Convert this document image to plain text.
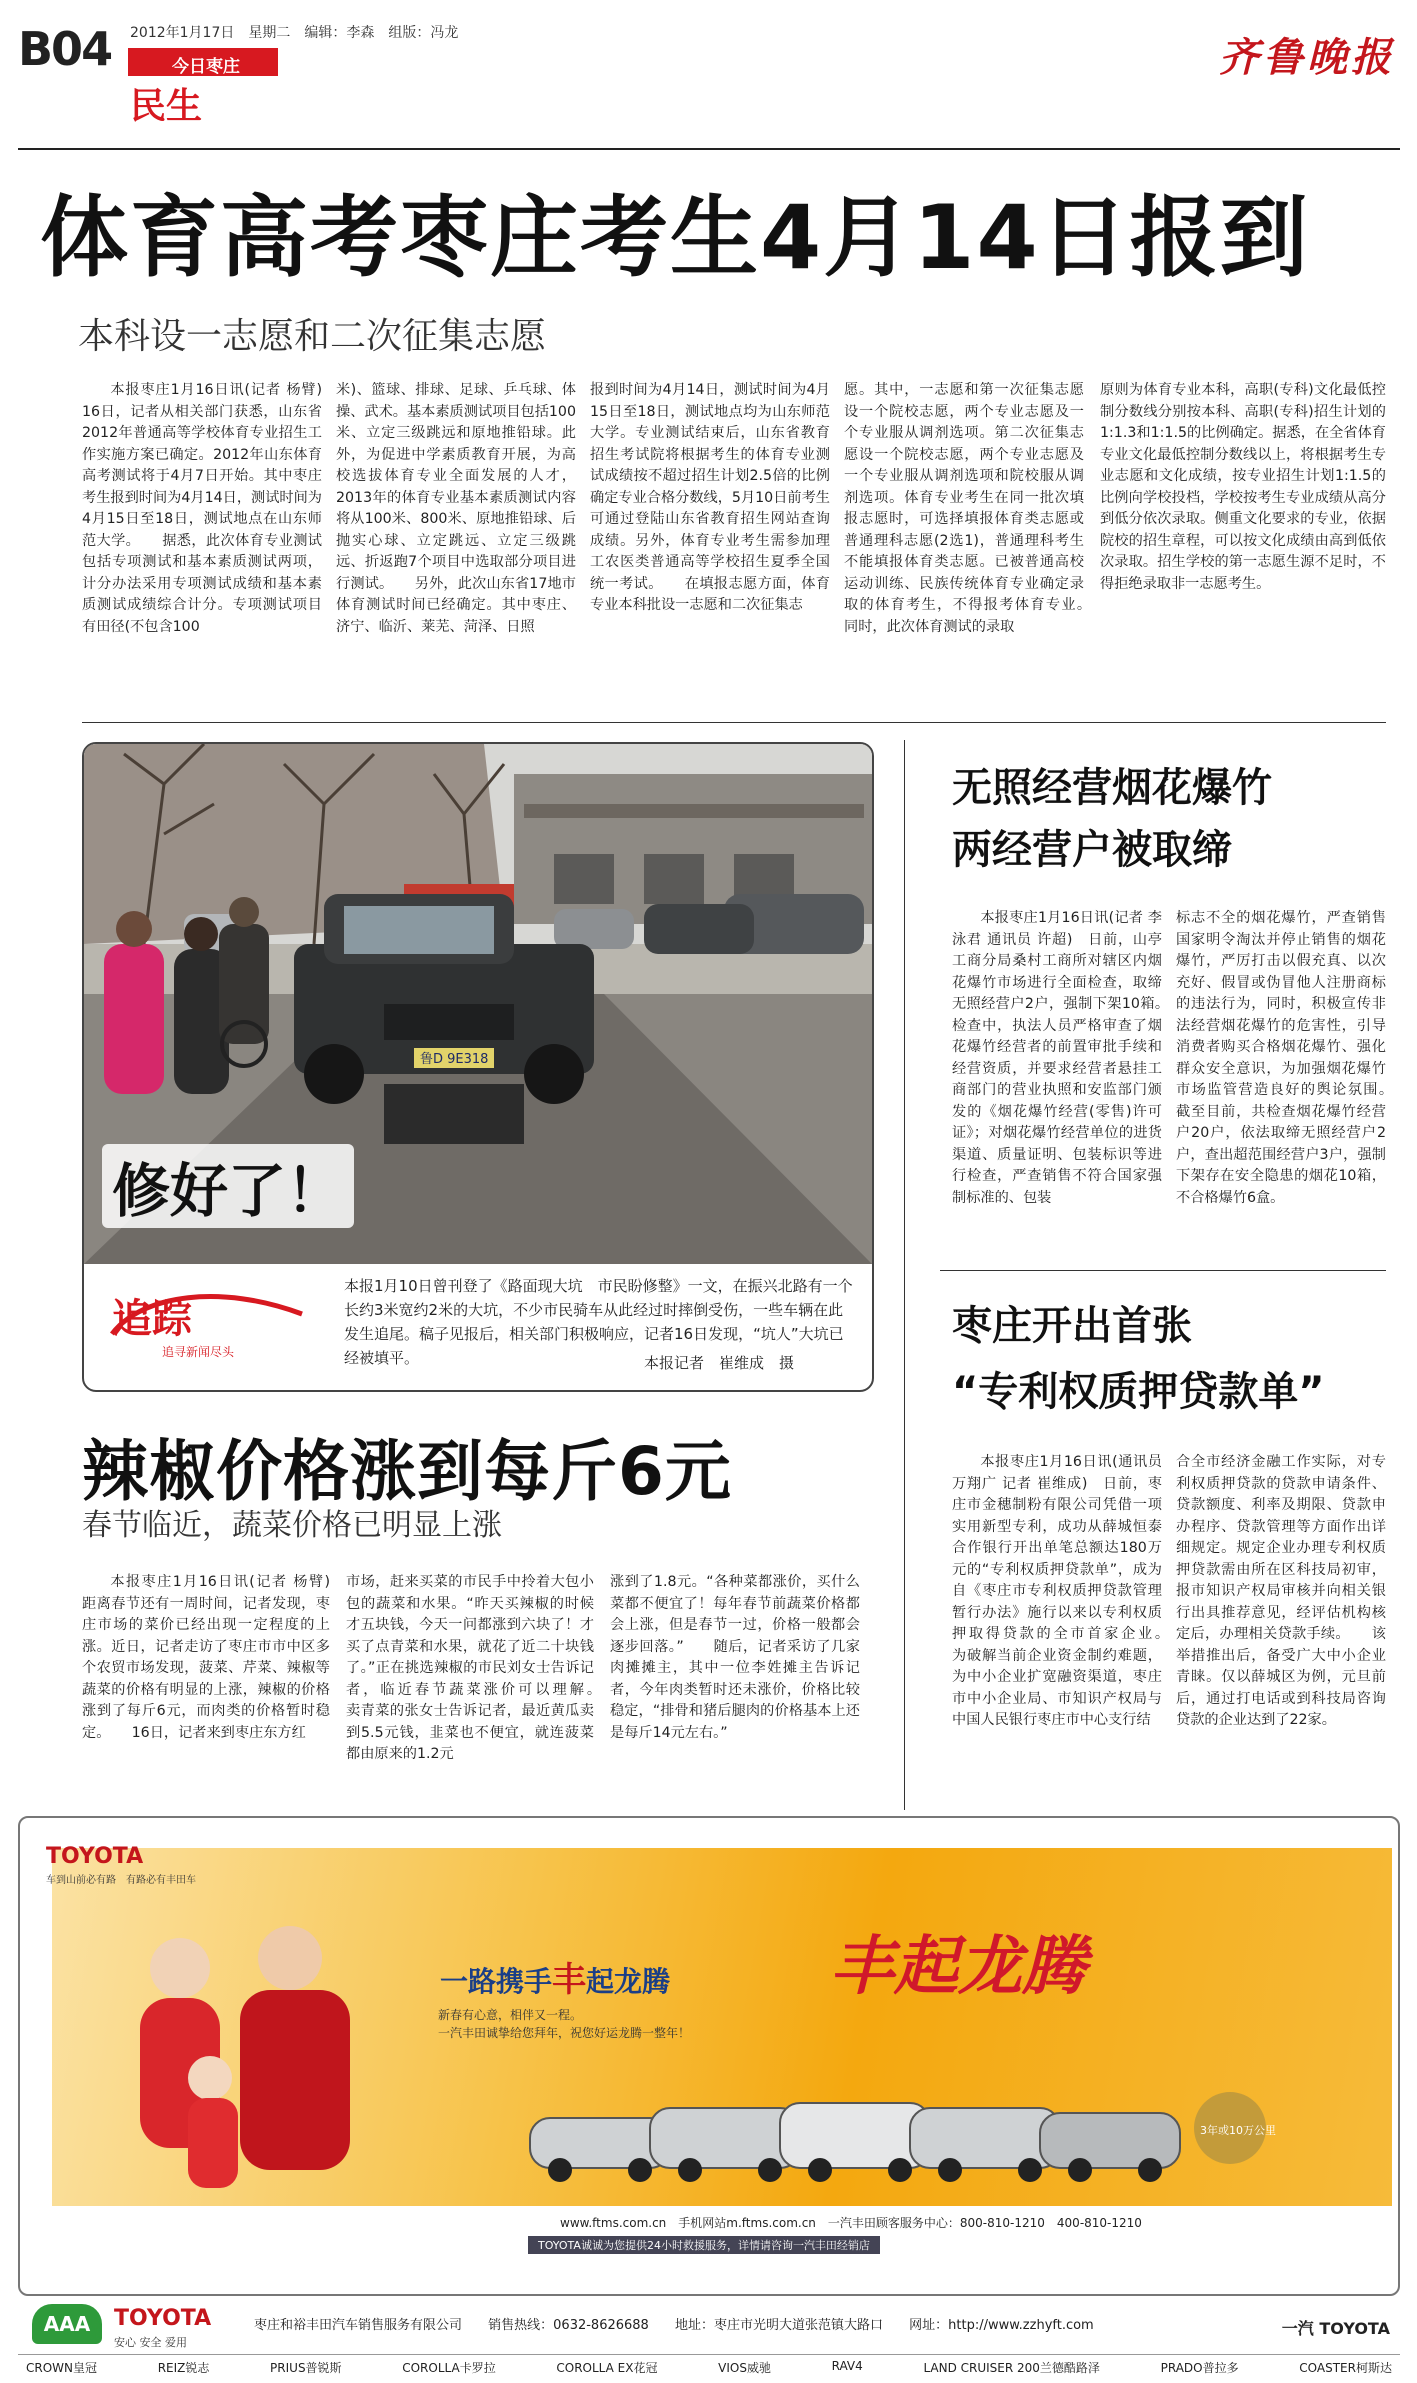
B04 2012年1月17日　星期二　编辑：李森　组版：冯龙
今日枣庄
民生
齐鲁晚报
体育高考枣庄考生4月14日报到
本科设一志愿和二次征集志愿

本报枣庄1月16日讯(记者 杨臂)　16日，记者从相关部门获悉，山东省2012年普通高等学校体育专业招生工作实施方案已确定。2012年山东体育高考测试将于4月7日开始。其中枣庄考生报到时间为4月14日，测试时间为4月15日至18日，测试地点在山东师范大学。　　据悉，此次体育专业测试包括专项测试和基本素质测试两项，计分办法采用专项测试成绩和基本素质测试成绩综合计分。专项测试项目有田径(不包含100

米)、篮球、排球、足球、乒乓球、体操、武术。基本素质测试项目包括100米、立定三级跳远和原地推铅球。此外，为促进中学素质教育开展，为高校选拔体育专业全面发展的人才，2013年的体育专业基本素质测试内容将从100米、800米、原地推铅球、后抛实心球、立定跳远、立定三级跳远、折返跑7个项目中选取部分项目进行测试。　　另外，此次山东省17地市体育测试时间已经确定。其中枣庄、济宁、临沂、莱芜、菏泽、日照

报到时间为4月14日，测试时间为4月15日至18日，测试地点均为山东师范大学。专业测试结束后，山东省教育招生考试院将根据考生的体育专业测试成绩按不超过招生计划2.5倍的比例确定专业合格分数线，5月10日前考生可通过登陆山东省教育招生网站查询成绩。另外，体育专业考生需参加理工农医类普通高等学校招生夏季全国统一考试。　　在填报志愿方面，体育专业本科批设一志愿和二次征集志

愿。其中，一志愿和第一次征集志愿设一个院校志愿，两个专业志愿及一个专业服从调剂选项。第二次征集志愿设一个院校志愿，两个专业志愿及一个专业服从调剂选项和院校服从调剂选项。体育专业考生在同一批次填报志愿时，可选择填报体育类志愿或普通理科志愿(2选1)，普通理科考生不能填报体育类志愿。已被普通高校运动训练、民族传统体育专业确定录取的体育考生，不得报考体育专业。　　同时，此次体育测试的录取

原则为体育专业本科，高职(专科)文化最低控制分数线分别按本科、高职(专科)招生计划的1:1.3和1:1.5的比例确定。据悉，在全省体育专业文化最低控制分数线以上，将根据考生专业志愿和文化成绩，按专业招生计划1:1.5的比例向学校投档，学校按考生专业成绩从高分到低分依次录取。侧重文化要求的专业，依据院校的招生章程，可以按文化成绩由高到低依次录取。招生学校的第一志愿生源不足时，不得拒绝录取非一志愿考生。

鲁D 9E318
修好了！
追踪
追寻新闻尽头
本报1月10日曾刊登了《路面现大坑　市民盼修整》一文，在振兴北路有一个长约3米宽约2米的大坑，不少市民骑车从此经过时摔倒受伤，一些车辆在此发生追尾。稿子见报后，相关部门积极响应，记者16日发现，“坑人”大坑已经被填平。	本报记者　崔维成　摄
无照经营烟花爆竹
两经营户被取缔

本报枣庄1月16日讯(记者 李泳君 通讯员 许超)　日前，山亭工商分局桑村工商所对辖区内烟花爆竹市场进行全面检查，取缔无照经营户2户，强制下架10箱。　　检查中，执法人员严格审查了烟花爆竹经营者的前置审批手续和经营资质，并要求经营者悬挂工商部门的营业执照和安监部门颁发的《烟花爆竹经营(零售)许可证》；对烟花爆竹经营单位的进货渠道、质量证明、包装标识等进行检查，严查销售不符合国家强制标准的、包装

标志不全的烟花爆竹，严查销售国家明令淘汰并停止销售的烟花爆竹，严厉打击以假充真、以次充好、假冒或伪冒他人注册商标的违法行为，同时，积极宣传非法经营烟花爆竹的危害性，引导消费者购买合格烟花爆竹、强化群众安全意识，为加强烟花爆竹市场监管营造良好的舆论氛围。　　截至目前，共检查烟花爆竹经营户20户，依法取缔无照经营户2户，查出超范围经营户3户，强制下架存在安全隐患的烟花10箱，不合格爆竹6盒。

枣庄开出首张
“专利权质押贷款单”

本报枣庄1月16日讯(通讯员 万翔广 记者 崔维成)　日前，枣庄市金穗制粉有限公司凭借一项实用新型专利，成功从薛城恒泰合作银行开出单笔总额达180万元的“专利权质押贷款单”，成为自《枣庄市专利权质押贷款管理暂行办法》施行以来以专利权质押取得贷款的全市首家企业。　　为破解当前企业资金制约难题，为中小企业扩宽融资渠道，枣庄市中小企业局、市知识产权局与中国人民银行枣庄市中心支行结

合全市经济金融工作实际，对专利权质押贷款的贷款申请条件、贷款额度、利率及期限、贷款申办程序、贷款管理等方面作出详细规定。规定企业办理专利权质押贷款需由所在区科技局初审，报市知识产权局审核并向相关银行出具推荐意见，经评估机构核定后，办理相关贷款手续。　　该举措推出后，备受广大中小企业青睐。仅以薛城区为例，元旦前后，通过打电话或到科技局咨询贷款的企业达到了22家。

辣椒价格涨到每斤6元
春节临近，蔬菜价格已明显上涨

本报枣庄1月16日讯(记者 杨臂)　距离春节还有一周时间，记者发现，枣庄市场的菜价已经出现一定程度的上涨。近日，记者走访了枣庄市市中区多个农贸市场发现，菠菜、芹菜、辣椒等蔬菜的价格有明显的上涨，辣椒的价格涨到了每斤6元，而肉类的价格暂时稳定。　　16日，记者来到枣庄东方红

市场，赶来买菜的市民手中拎着大包小包的蔬菜和水果。“昨天买辣椒的时候才五块钱，今天一问都涨到六块了！才买了点青菜和水果，就花了近二十块钱了。”正在挑选辣椒的市民刘女士告诉记者，临近春节蔬菜涨价可以理解。　　卖青菜的张女士告诉记者，最近黄瓜卖到5.5元钱，韭菜也不便宜，就连菠菜都由原来的1.2元

涨到了1.8元。“各种菜都涨价，买什么菜都不便宜了！每年春节前蔬菜价格都会上涨，但是春节一过，价格一般都会逐步回落。”　　随后，记者采访了几家肉摊摊主，其中一位李姓摊主告诉记者，今年肉类暂时还未涨价，价格比较稳定，“排骨和猪后腿肉的价格基本上还是每斤14元左右。”

TOYOTA
车到山前必有路　有路必有丰田车
一路携手丰起龙腾
新春有心意，相伴又一程。
一汽丰田诚挚给您拜年，祝您好运龙腾一整年！
丰起龙腾
3年或10万公里
www.ftms.com.cn　手机网站m.ftms.com.cn　一汽丰田顾客服务中心：800-810-1210　400-810-1210
TOYOTA诚诚为您提供24小时救援服务，详情请咨询一汽丰田经销店
AAA	TOYOTA
安心 安全 爱用
枣庄和裕丰田汽车销售服务有限公司 销售热线：0632-8626688 地址：枣庄市光明大道张范镇大路口 网址：http://www.zzhyft.com	一汽 TOYOTA
CROWN皇冠	REIZ锐志	PRIUS普锐斯	COROLLA卡罗拉	COROLLA EX花冠	VIOS威驰	RAV4	LAND CRUISER 200兰德酷路泽	PRADO普拉多	COASTER柯斯达
